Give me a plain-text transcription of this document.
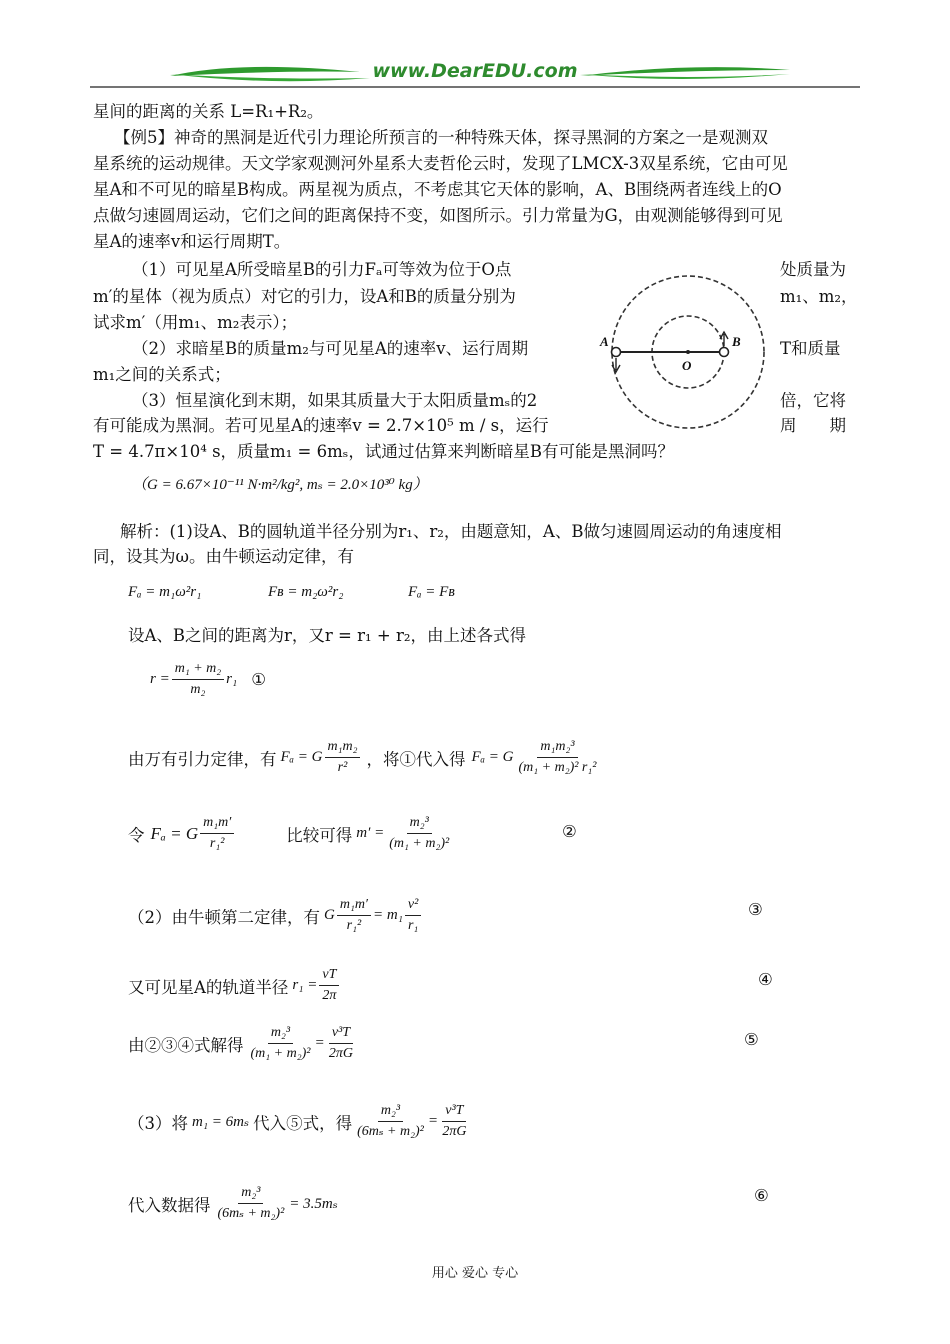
www.DearEDU.com
星间的距离的关系 L=R₁+R₂。
【例5】神奇的黑洞是近代引力理论所预言的一种特殊天体，探寻黑洞的方案之一是观测双
星系统的运动规律。天文学家观测河外星系大麦哲伦云时，发现了LMCX-3双星系统，它由可见
星A和不可见的暗星B构成。两星视为质点，不考虑其它天体的影响，A、B围绕两者连线上的O
点做匀速圆周运动，它们之间的距离保持不变，如图所示。引力常量为G，由观测能够得到可见
星A的速率v和运行周期T。
（1）可见星A所受暗星B的引力Fₐ可等效为位于O点	处质量为
m′的星体（视为质点）对它的引力，设A和B的质量分别为	m₁、m₂，
试求m′（用m₁、m₂表示）；
（2）求暗星B的质量m₂与可见星A的速率v、运行周期	T和质量
m₁之间的关系式；
（3）恒星演化到末期，如果其质量大于太阳质量mₛ的2	倍，它将
有可能成为黑洞。若可见星A的速率v = 2.7×10⁵ m / s，运行	周　　期
T = 4.7π×10⁴ s，质量m₁ = 6mₛ，试通过估算来判断暗星B有可能是黑洞吗？
（G = 6.67×10⁻¹¹ N·m²/kg², mₛ = 2.0×10³⁰ kg）
A	B
O
解析：(1)设A、B的圆轨道半径分别为r₁、r₂，由题意知，A、B做匀速圆周运动的角速度相
同，设其为ω。由牛顿运动定律，有
Fₐ = m₁ω²r₁	Fʙ = m₂ω²r₂	Fₐ = Fʙ
设A、B之间的距离为r，又r = r₁ + r₂，由上述各式得
$r = \frac{\text{m₁ + m₂}}{\text{m₂}} r_1$ ①
由万有引力定律，有 Fₐ = G $\frac{\text{m₁m₂}}{\text{r²}}$ ，将①代入得 Fₐ = G $\frac{\text{m₁m₂³}}{\text{(m₁ + m₂)² r₁²}}$
令 Fₐ = G $\frac{\text{m₁m′}}{\text{r₁²}}$	比较可得 $m' = \frac{\text{m₂³}}{\text{(m₁ + m₂)²}}$	②
（2）由牛顿第二定律，有 G $\frac{\text{m₁m′}}{\text{r₁²}} = m_1 \frac{\text{v²}}{\text{r₁}}$	③
又可见星A的轨道半径 $r_1 = \frac{vT}{2\pi}$	④
由②③④式解得 $\frac{\text{m₂³}}{\text{(m₁ + m₂)²}} = \frac{\text{v³T}}{2\pi G}$	⑤
（3）将 m₁ = 6mₛ 代入⑤式，得 $\frac{\text{m₂³}}{\text{(6mₛ + m₂)²}} = \frac{\text{v³T}}{2\pi G}$
代入数据得 $\frac{\text{m₂³}}{\text{(6mₛ + m₂)²}} = 3.5m_s$	⑥
用心 爱心 专心
